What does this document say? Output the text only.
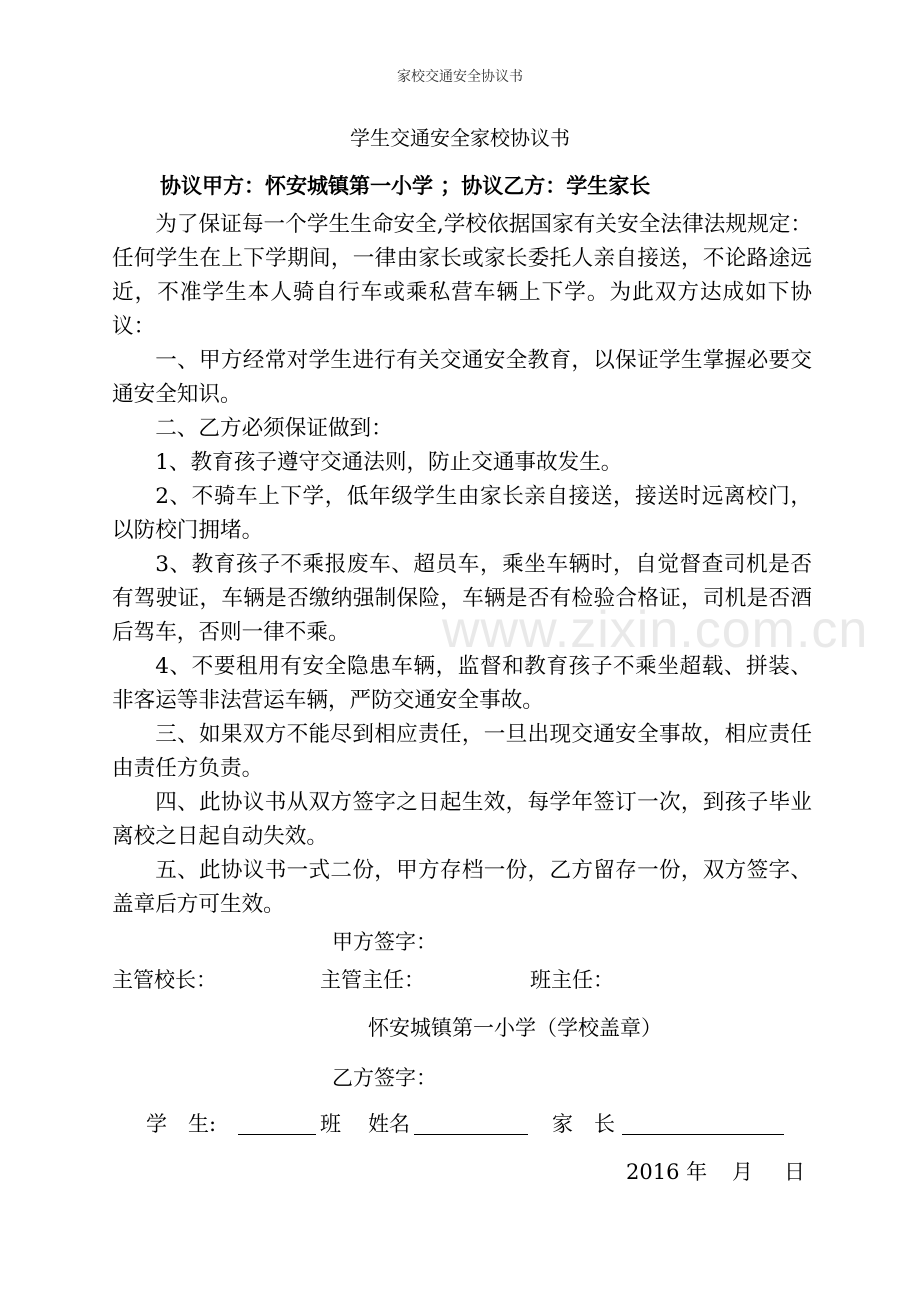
家校交通安全协议书
学生交通安全家校协议书
协议甲方：怀安城镇第一小学 ；协议乙方：学生家长

为了保证每一个学生生命安全,学校依据国家有关安全法律法规规定：任何学生在上下学期间，一律由家长或家长委托人亲自接送，不论路途远近，不准学生本人骑自行车或乘私营车辆上下学。为此双方达成如下协议：

一、甲方经常对学生进行有关交通安全教育，以保证学生掌握必要交通安全知识。

二、乙方必须保证做到：

1、教育孩子遵守交通法则，防止交通事故发生。

2、不骑车上下学，低年级学生由家长亲自接送，接送时远离校门，以防校门拥堵。

3、教育孩子不乘报废车、超员车，乘坐车辆时，自觉督查司机是否有驾驶证，车辆是否缴纳强制保险，车辆是否有检验合格证，司机是否酒后驾车，否则一律不乘。

4、不要租用有安全隐患车辆，监督和教育孩子不乘坐超载、拼装、非客运等非法营运车辆，严防交通安全事故。

三、如果双方不能尽到相应责任，一旦出现交通安全事故，相应责任由责任方负责。

四、此协议书从双方签字之日起生效，每学年签订一次，到孩子毕业离校之日起自动失效。

五、此协议书一式二份，甲方存档一份，乙方留存一份，双方签字、盖章后方可生效。

甲方签字：
主管校长：	主管主任：	班主任：
怀安城镇第一小学（学校盖章）
乙方签字：
学　生:	班 姓名	家　长
2016 年 月 日
www.zixin.com.cn
